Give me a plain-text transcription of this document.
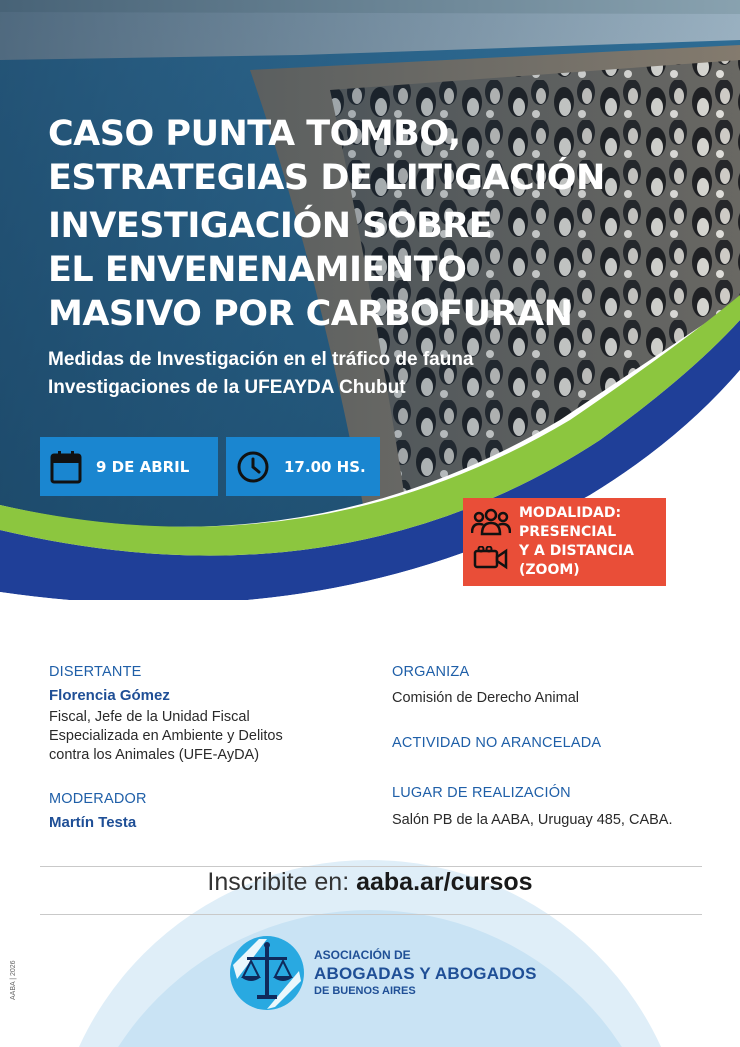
CASO PUNTA TOMBO,
ESTRATEGIAS DE LITIGACIÓN
INVESTIGACIÓN SOBRE
EL ENVENENAMIENTO
MASIVO POR CARBOFURAN
Medidas de Investigación en el tráfico de fauna
Investigaciones de la UFEAYDA Chubut
9 DE ABRIL	17.00 HS.
MODALIDAD:
PRESENCIAL
Y A DISTANCIA
(ZOOM)
DISERTANTE
Florencia Gómez
Fiscal, Jefe de la Unidad Fiscal
Especializada en Ambiente y Delitos
contra los Animales (UFE-AyDA)
MODERADOR
Martín Testa
ORGANIZA
Comisión de Derecho Animal
ACTIVIDAD NO ARANCELADA
LUGAR DE REALIZACIÓN
Salón PB de la AABA, Uruguay 485, CABA.
Inscribite en: aaba.ar/cursos
ASOCIACIÓN DE
ABOGADAS Y ABOGADOS
DE BUENOS AIRES
AABA | 2026
